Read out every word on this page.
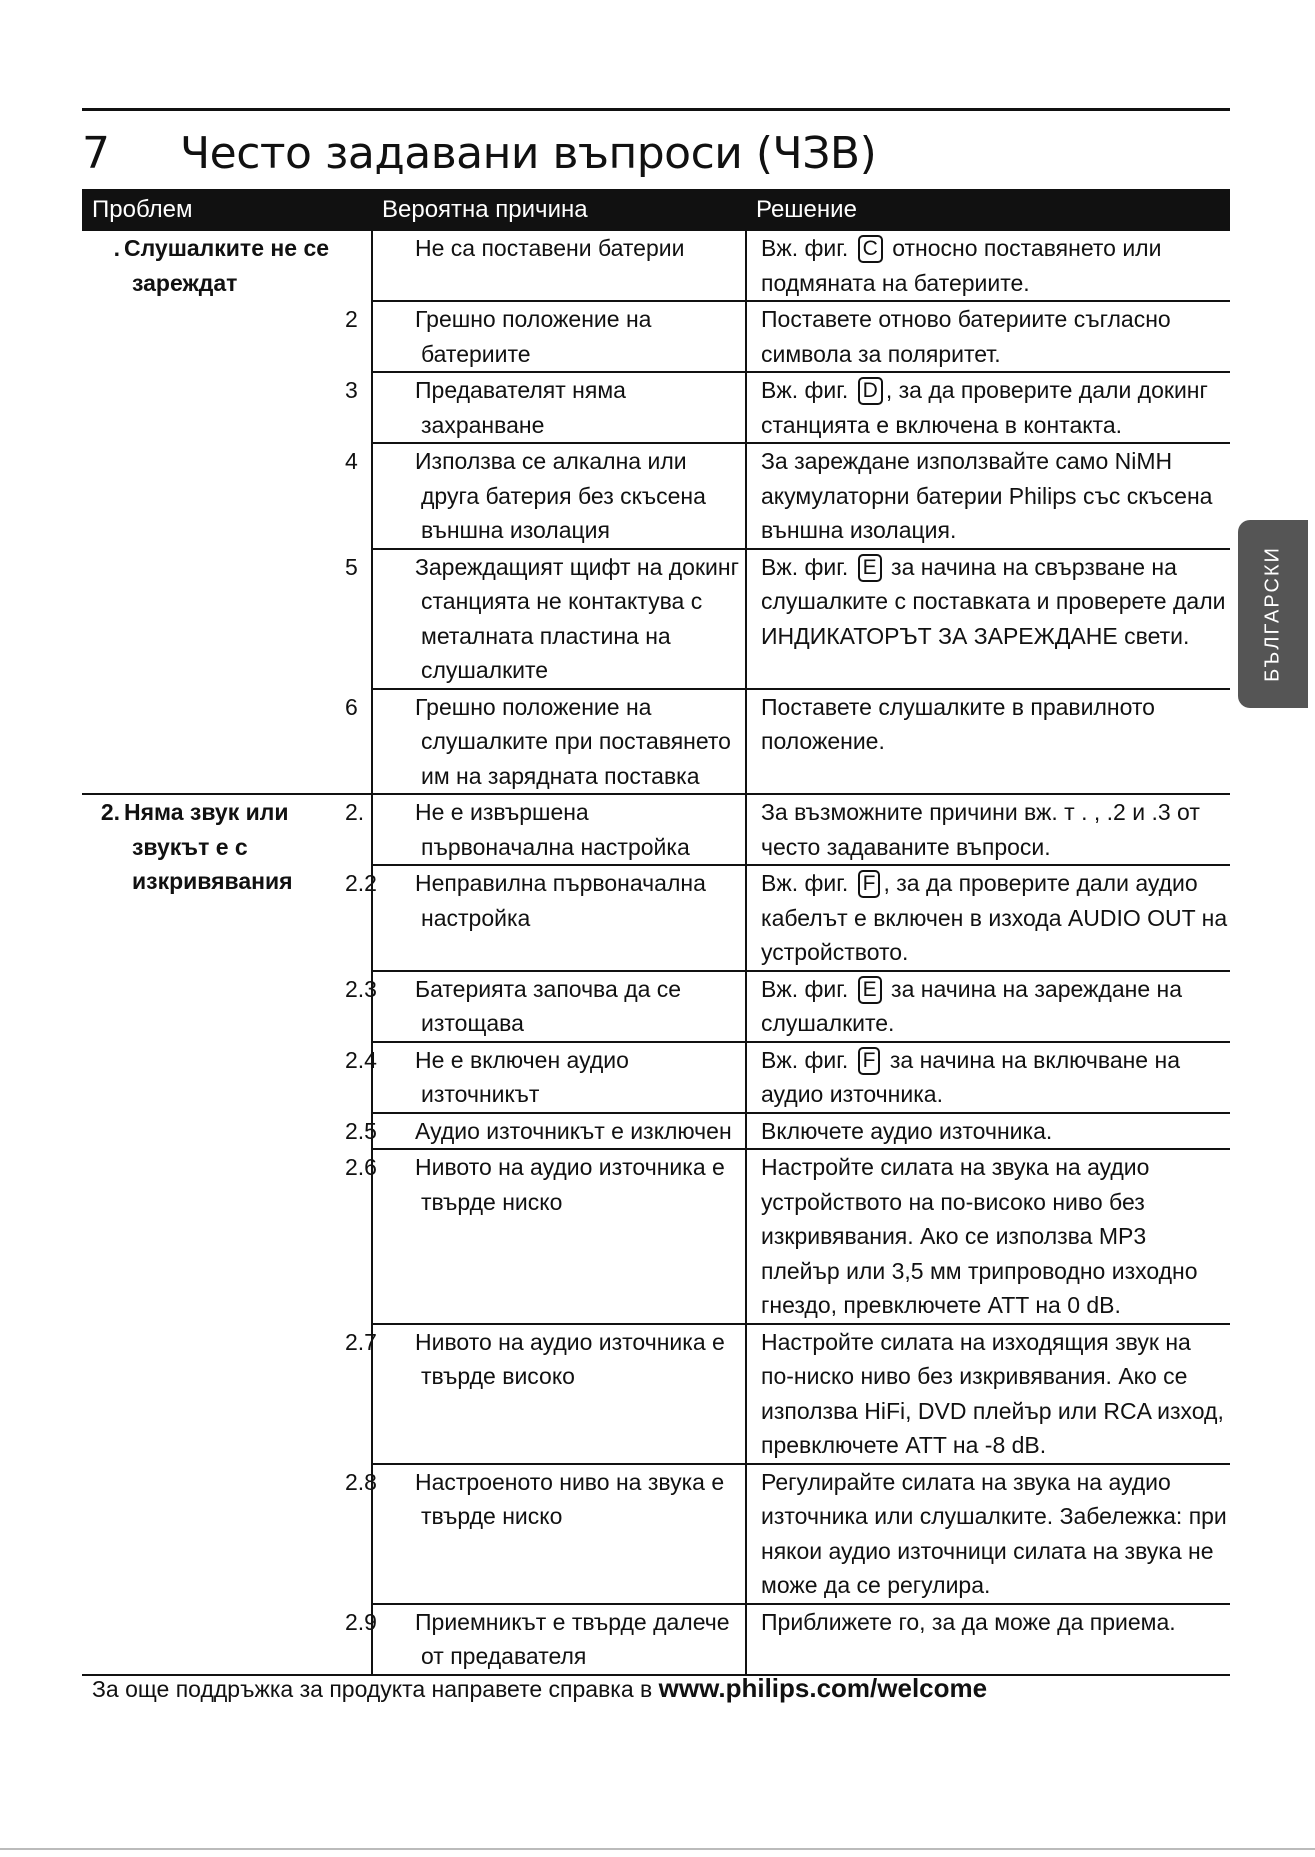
7 Често задавани въпроси (ЧЗВ)
Проблем	Вероятна причина	Решение

. Слушалките не се зареждат	Не са поставени батерии	Вж. фиг. C относно поставянето или подмяната на батериите.

	2 Грешно положение на батериите	Поставете отново батериите съгласно символа за поляритет.

	3 Предавателят няма захранване	Вж. фиг. D , за да проверите дали докинг станцията е включена в контакта.

	4 Използва се алкална или друга батерия без скъсена външна изолация	За зареждане използвайте само NiMH акумулаторни батерии Philips със скъсена външна изолация.

	5 Зареждащият щифт на докинг станцията не контактува с металната пластина на слушалките	Вж. фиг. E за начина на свързване на слушалките с поставката и проверете дали ИНДИКАТОРЪТ ЗА ЗАРЕЖДАНЕ свети.

	6 Грешно положение на слушалките при поставянето им на зарядната поставка	Поставете слушалките в правилното положение.

2. Няма звук или звукът е с изкривявания	2. Не е извършена първоначална настройка	За възможните причини вж. т . , .2 и .3 от често задаваните въпроси.

	2.2 Неправилна първоначална настройка	Вж. фиг. F , за да проверите дали аудио кабелът е включен в изхода AUDIO OUT на устройството.

	2.3 Батерията започва да се изтощава	Вж. фиг. E за начина на зареждане на слушалките.

	2.4 Не е включен аудио източникът	Вж. фиг. F за начина на включване на аудио източника.

	2.5 Аудио източникът е изключен	Включете аудио източника.

	2.6 Нивото на аудио източника е твърде ниско	Настройте силата на звука на аудио устройството на по-високо ниво без изкривявания. Ако се използва MP3 плейър или 3,5 мм трипроводно изходно гнездо, превключете ATT на 0 dB.

	2.7 Нивото на аудио източника е твърде високо	Настройте силата на изходящия звук на по-ниско ниво без изкривявания. Ако се използва HiFi, DVD плейър или RCA изход, превключете ATT на -8 dB.

	2.8 Настроеното ниво на звука е твърде ниско	Регулирайте силата на звука на аудио източника или слушалките. Забележка: при някои аудио източници силата на звука не може да се регулира.

	2.9 Приемникът е твърде далече от предавателя	Приближете го, за да може да приема.
За още поддръжка за продукта направете справка в www.philips.com/welcome
БЪЛГАРСКИ
